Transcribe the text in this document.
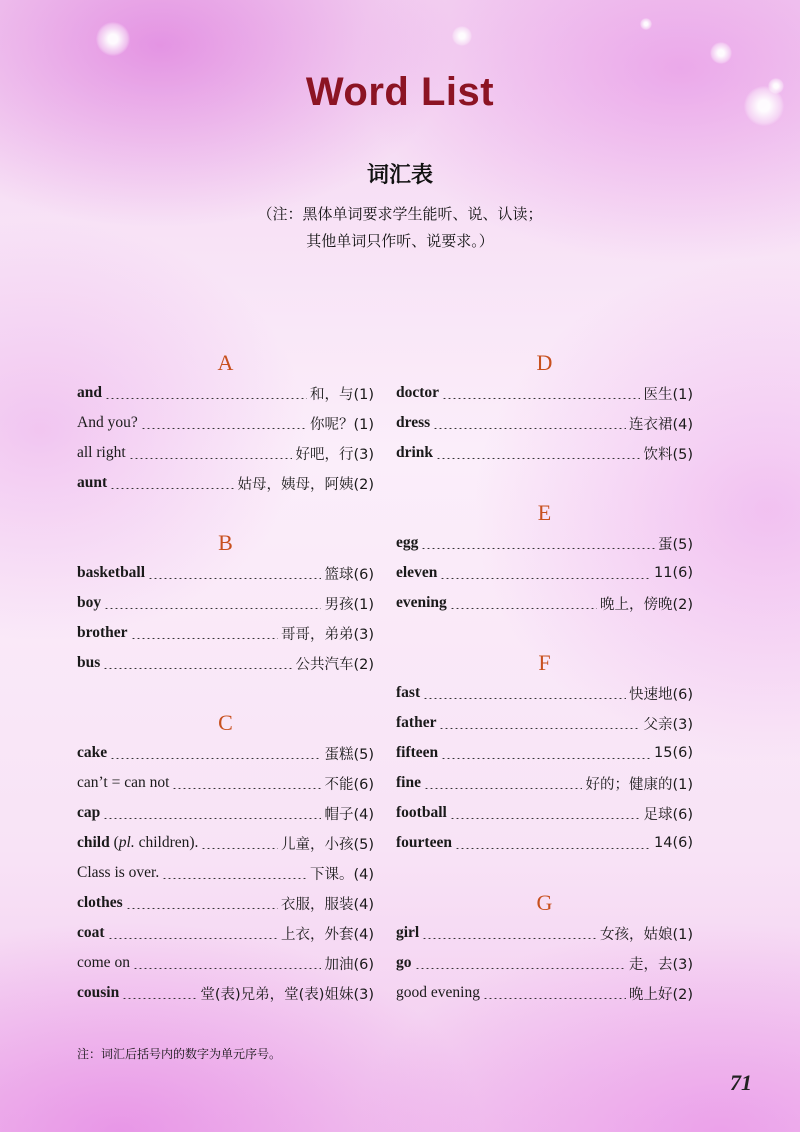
Word List
词汇表
（注：黑体单词要求学生能听、说、认读；
其他单词只作听、说要求。）
A
and	和，与(1)
And you?	你呢？(1)
all right	好吧，行(3)
aunt	姑母，姨母，阿姨(2)
B
basketball	篮球(6)
boy	男孩(1)
brother	哥哥，弟弟(3)
bus	公共汽车(2)
C
cake	蛋糕(5)
can’t = can not	不能(6)
cap	帽子(4)
child (pl. children).	儿童，小孩(5)
Class is over.	下课。(4)
clothes	衣服，服装(4)
coat	上衣，外套(4)
come on	加油(6)
cousin	堂(表)兄弟，堂(表)姐妹(3)
D
doctor	医生(1)
dress	连衣裙(4)
drink	饮料(5)
E
egg	蛋(5)
eleven	11(6)
evening	晚上，傍晚(2)
F
fast	快速地(6)
father	父亲(3)
fifteen	15(6)
fine	好的；健康的(1)
football	足球(6)
fourteen	14(6)
G
girl	女孩，姑娘(1)
go	走，去(3)
good evening	晚上好(2)
注：词汇后括号内的数字为单元序号。
71
